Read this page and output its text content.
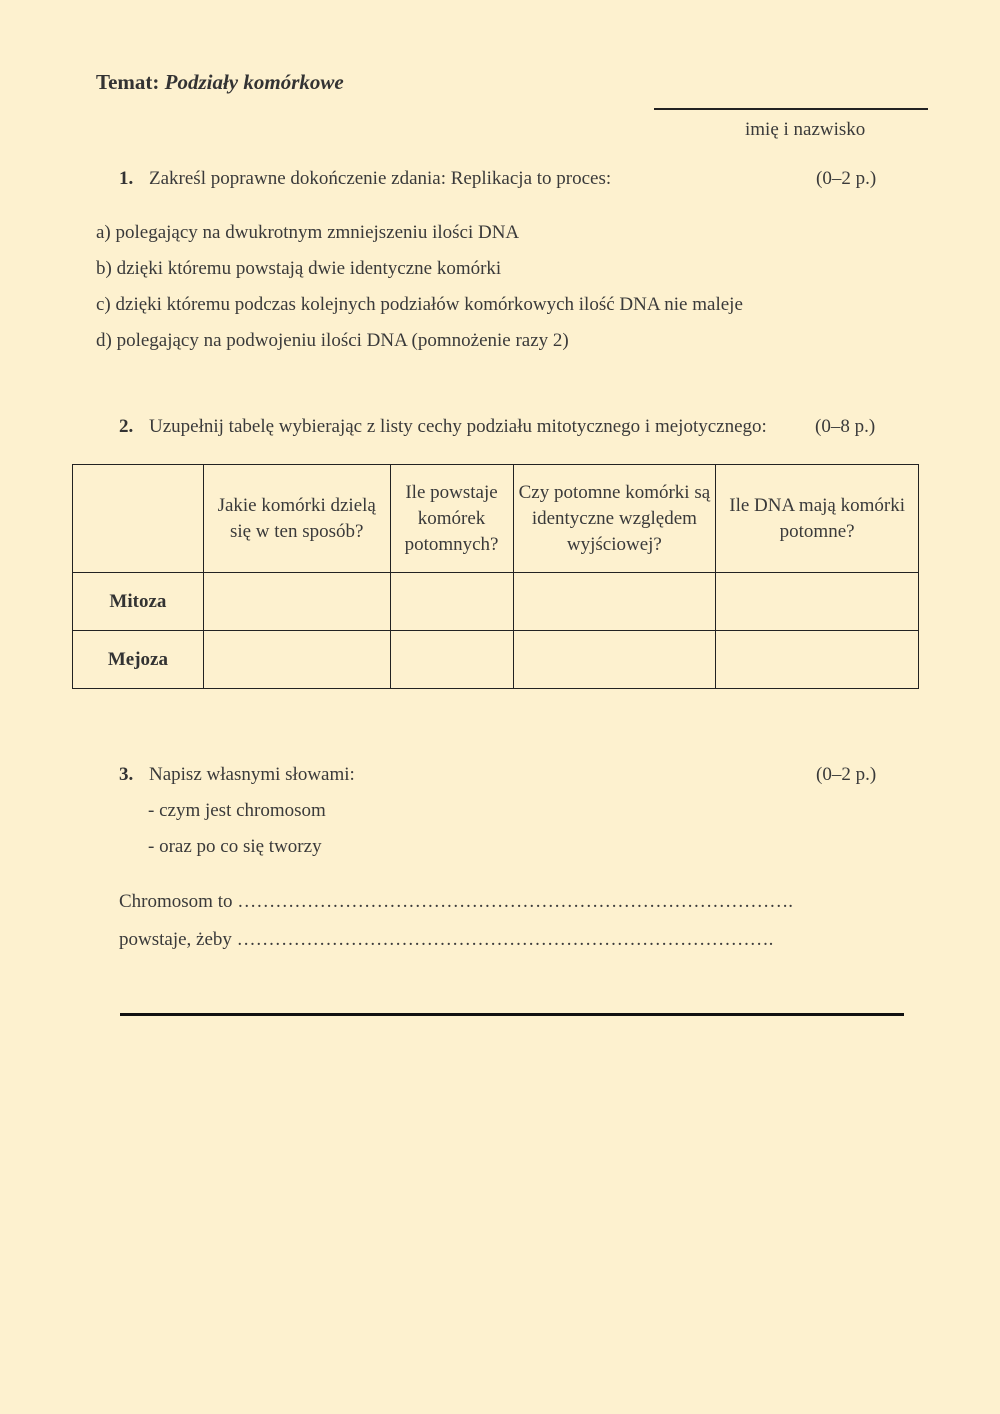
Temat: Podziały komórkowe
imię i nazwisko
1. Zakreśl poprawne dokończenie zdania: Replikacja to proces:	(0–2 p.)
a) polegający na dwukrotnym zmniejszeniu ilości DNA
b) dzięki któremu powstają dwie identyczne komórki
c) dzięki któremu podczas kolejnych podziałów komórkowych ilość DNA nie maleje
d) polegający na podwojeniu ilości DNA (pomnożenie razy 2)
2. Uzupełnij tabelę wybierając z listy cechy podziału mitotycznego i mejotycznego:	(0–8 p.)
	Jakie komórki dzielą się w ten sposób?	Ile powstaje komórek potomnych?	Czy potomne komórki są identyczne względem wyjściowej?	Ile DNA mają komórki potomne?
Mitoza				
Mejoza				
3. Napisz własnymi słowami:	(0–2 p.)
- czym jest chromosom
- oraz po co się tworzy
Chromosom to …………………………………………………………………………….
powstaje, żeby ………………………………………………………………………….
